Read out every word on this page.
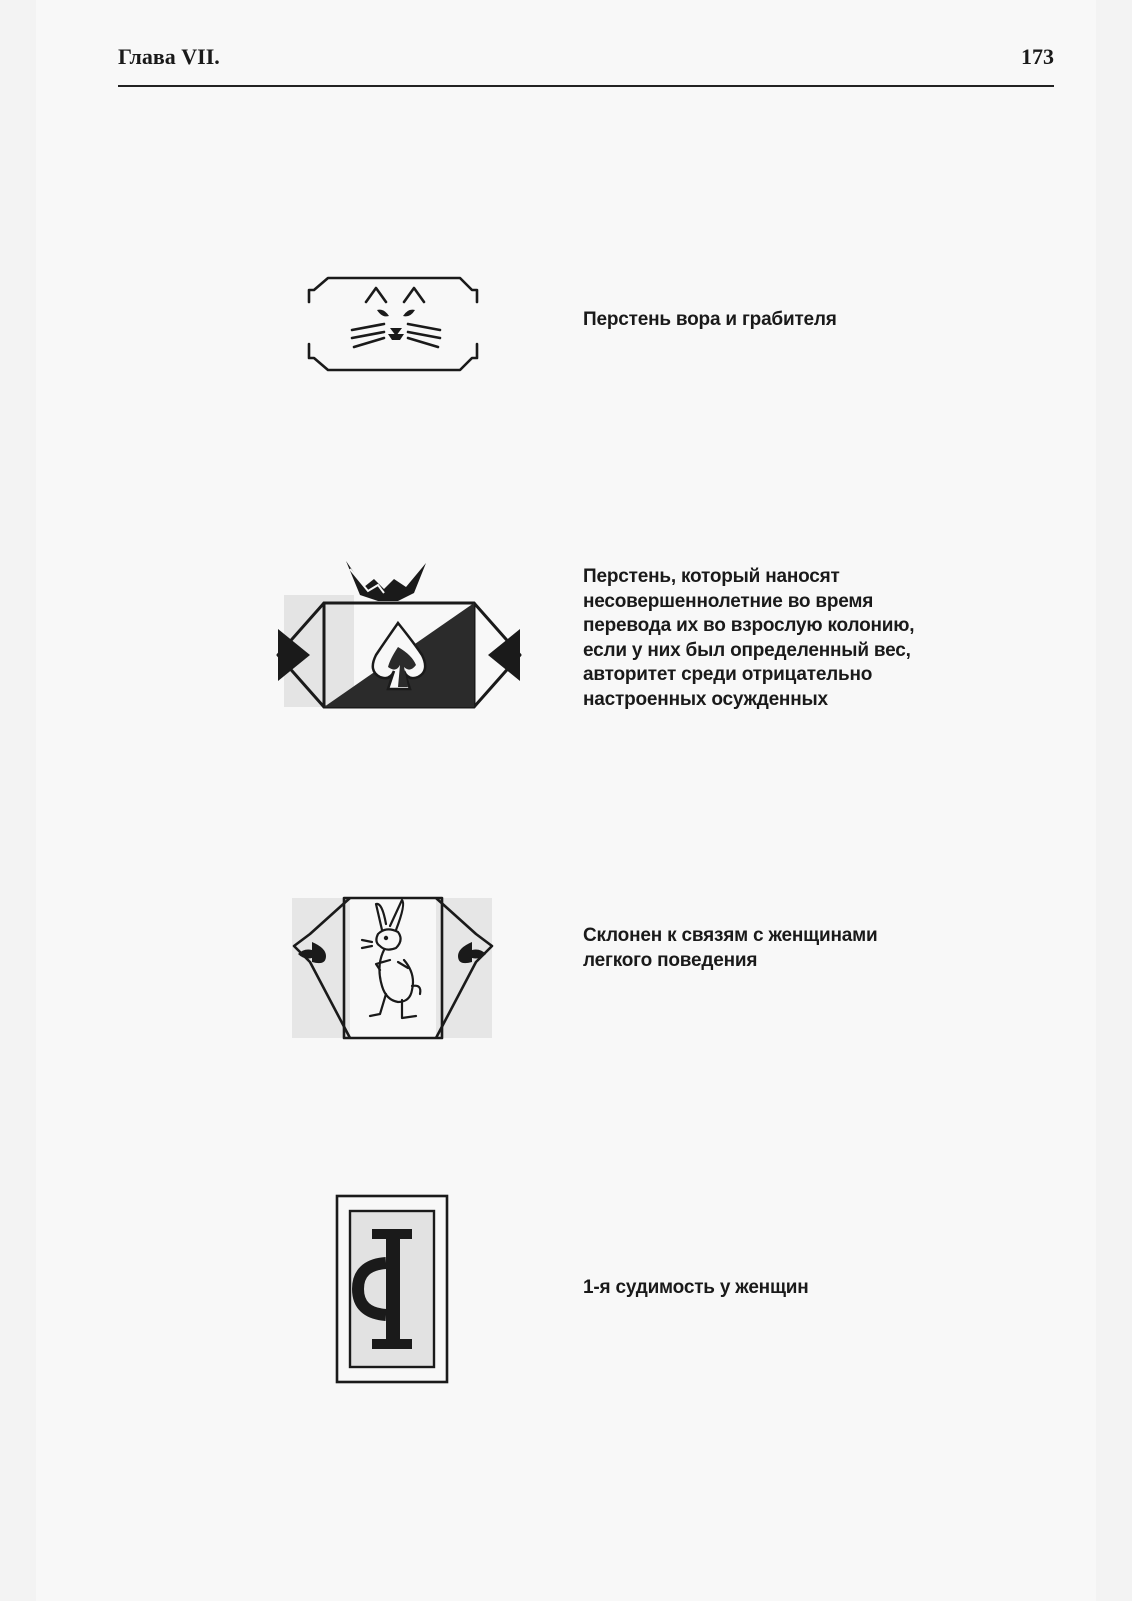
Глава VII.	173
Перстень вора и грабителя
Перстень, который наносят
несовершеннолетние во время
перевода их во взрослую колонию,
если у них был определенный вес,
авторитет среди отрицательно
настроенных осужденных
Склонен к связям с женщинами
легкого поведения
1-я судимость у женщин
